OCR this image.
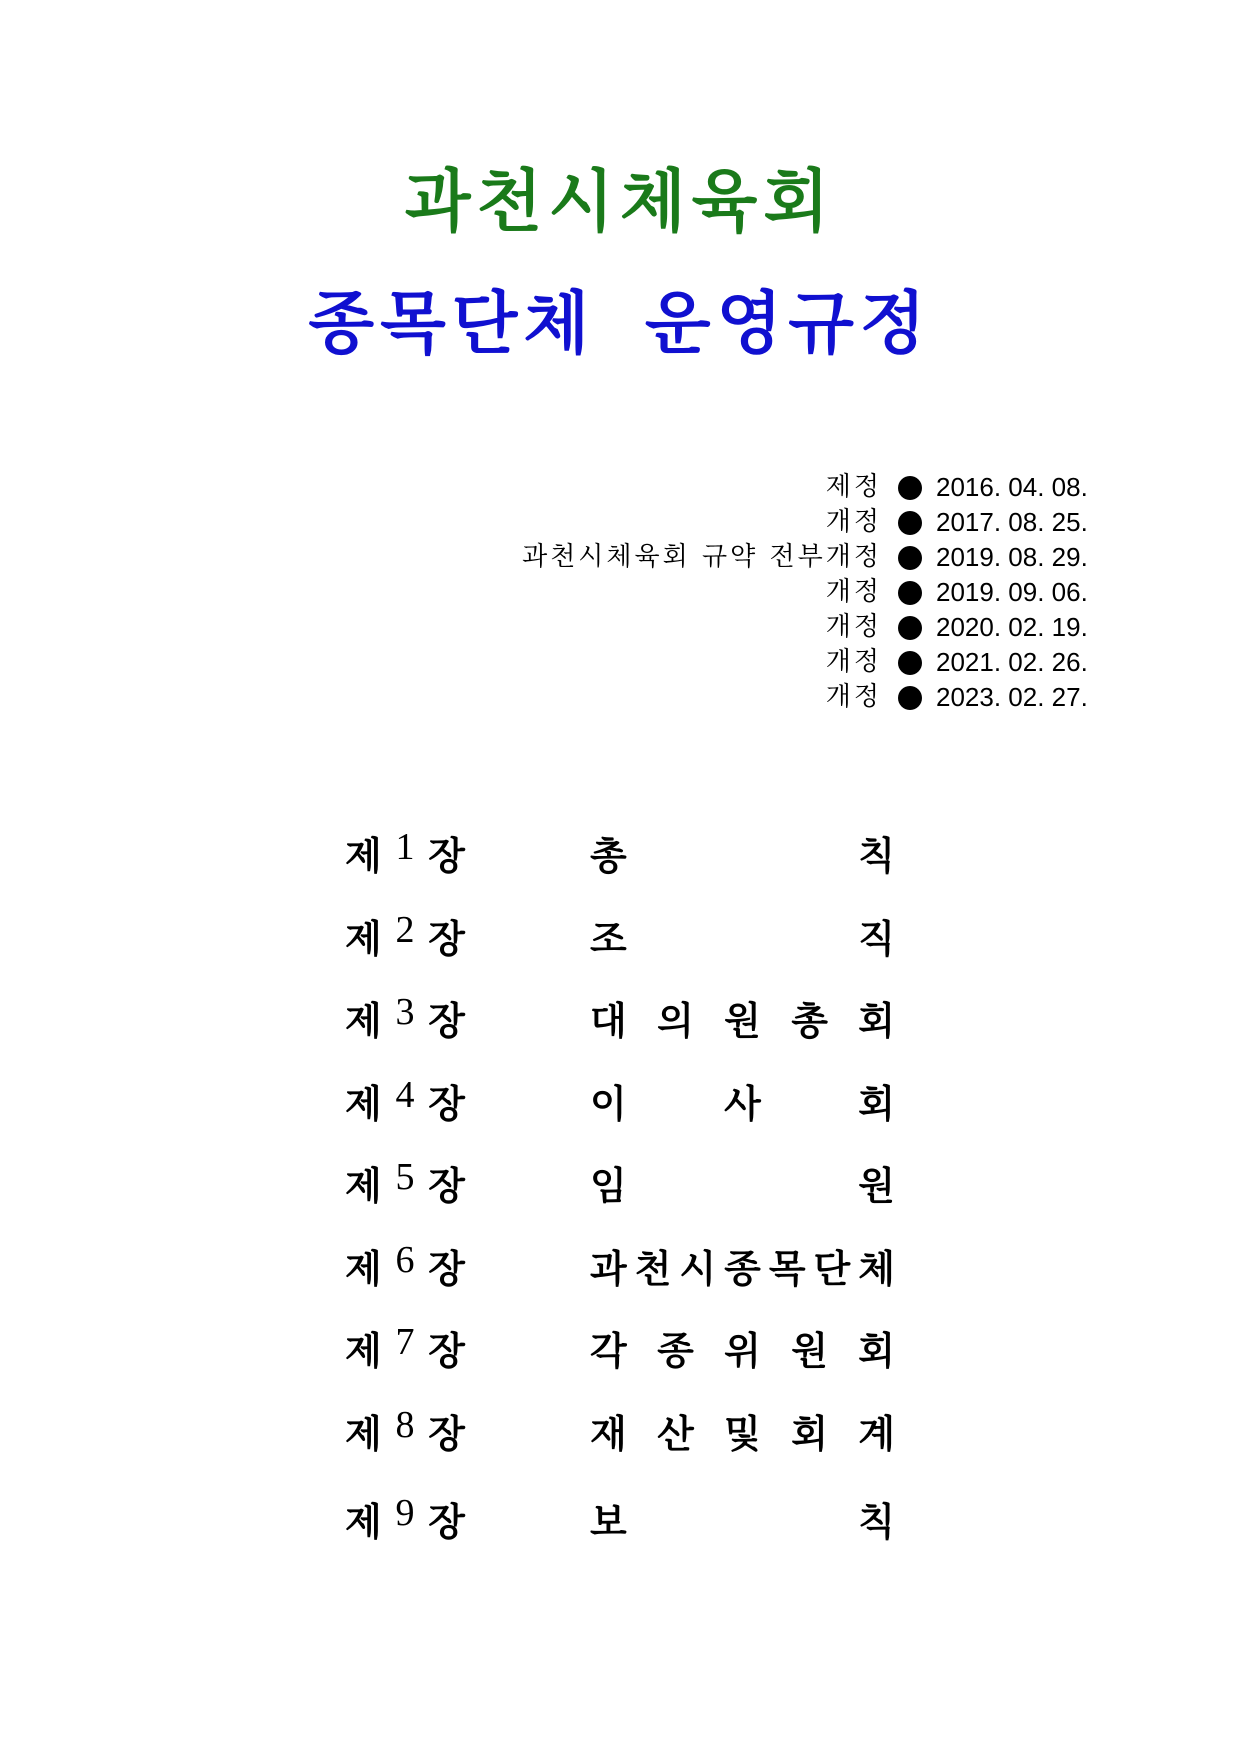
과천시체육회
종목단체 운영규정
제정 2016. 04. 08.
개정 2017. 08. 25.
과천시체육회 규약 전부개정 2019. 08. 29.
개정 2019. 09. 06.
개정 2020. 02. 19.
개정 2021. 02. 26.
개정 2023. 02. 27.
제 1 장	총	칙
제 2 장	조	직
제 3 장	대 의 원 총 회
제 4 장	이	사	회
제 5 장	임	원
제 6 장	과 천 시 종 목 단 체
제 7 장	각 종 위 원 회
제 8 장	재 산 및 회 계
제 9 장	보	칙
